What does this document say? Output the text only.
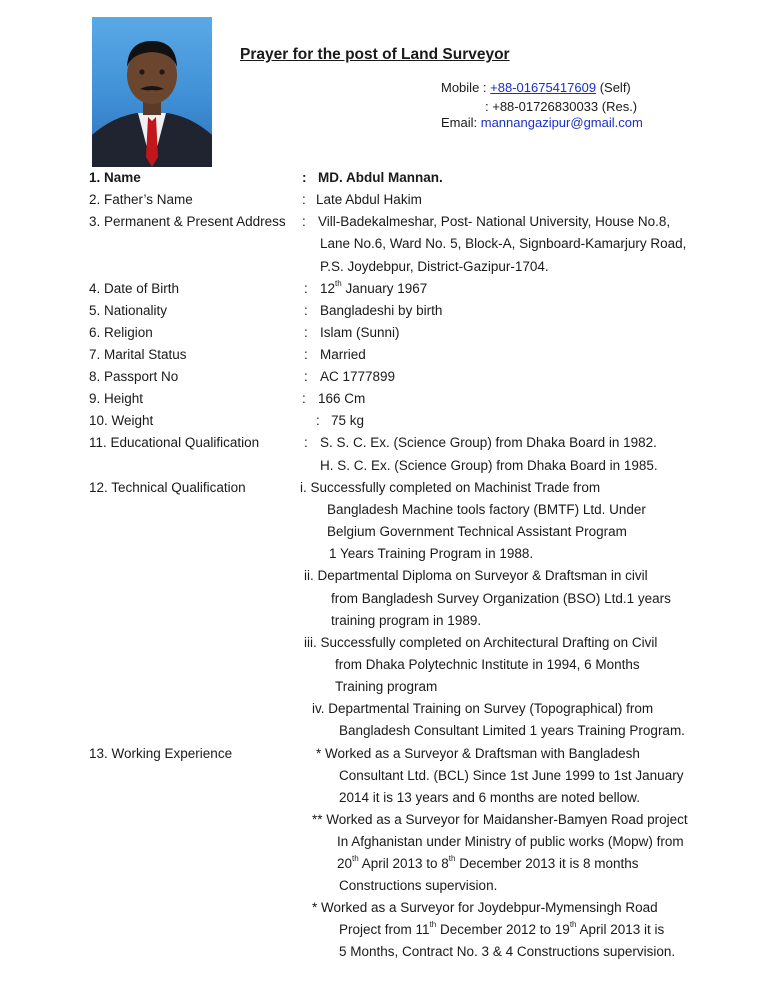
Prayer for the post of Land Surveyor
Mobile : +88-01675417609 (Self)
: +88-01726830033 (Res.)
Email: mannangazipur@gmail.com
1. Name	: MD. Abdul Mannan.
2. Father’s Name	: Late Abdul Hakim
3. Permanent & Present Address : Vill-Badekalmeshar, Post- National University, House No.8,
Lane No.6, Ward No. 5, Block-A, Signboard-Kamarjury Road,
P.S. Joydebpur, District-Gazipur-1704.
4. Date of Birth	: 12th January 1967
5. Nationality	: Bangladeshi by birth
6. Religion	: Islam (Sunni)
7. Marital Status	: Married
8. Passport No	: AC 1777899
9. Height	: 166 Cm
10. Weight	: 75 kg
11. Educational Qualification	: S. S. C. Ex. (Science Group) from Dhaka Board in 1982.
H. S. C. Ex. (Science Group) from Dhaka Board in 1985.
12. Technical Qualification	i. Successfully completed on Machinist Trade from
Bangladesh Machine tools factory (BMTF) Ltd. Under
Belgium Government Technical Assistant Program
1 Years Training Program in 1988.
ii. Departmental Diploma on Surveyor & Draftsman in civil
from Bangladesh Survey Organization (BSO) Ltd.1 years
training program in 1989.
iii. Successfully completed on Architectural Drafting on Civil
from Dhaka Polytechnic Institute in 1994, 6 Months
Training program
iv. Departmental Training on Survey (Topographical) from
Bangladesh Consultant Limited 1 years Training Program.
13. Working Experience	* Worked as a Surveyor & Draftsman with Bangladesh
Consultant Ltd. (BCL) Since 1st June 1999 to 1st January
2014 it is 13 years and 6 months are noted bellow.
** Worked as a Surveyor for Maidansher-Bamyen Road project
In Afghanistan under Ministry of public works (Mopw) from
20th April 2013 to 8th December 2013 it is 8 months
Constructions supervision.
* Worked as a Surveyor for Joydebpur-Mymensingh Road
Project from 11th December 2012 to 19th April 2013 it is
5 Months, Contract No. 3 & 4 Constructions supervision.
